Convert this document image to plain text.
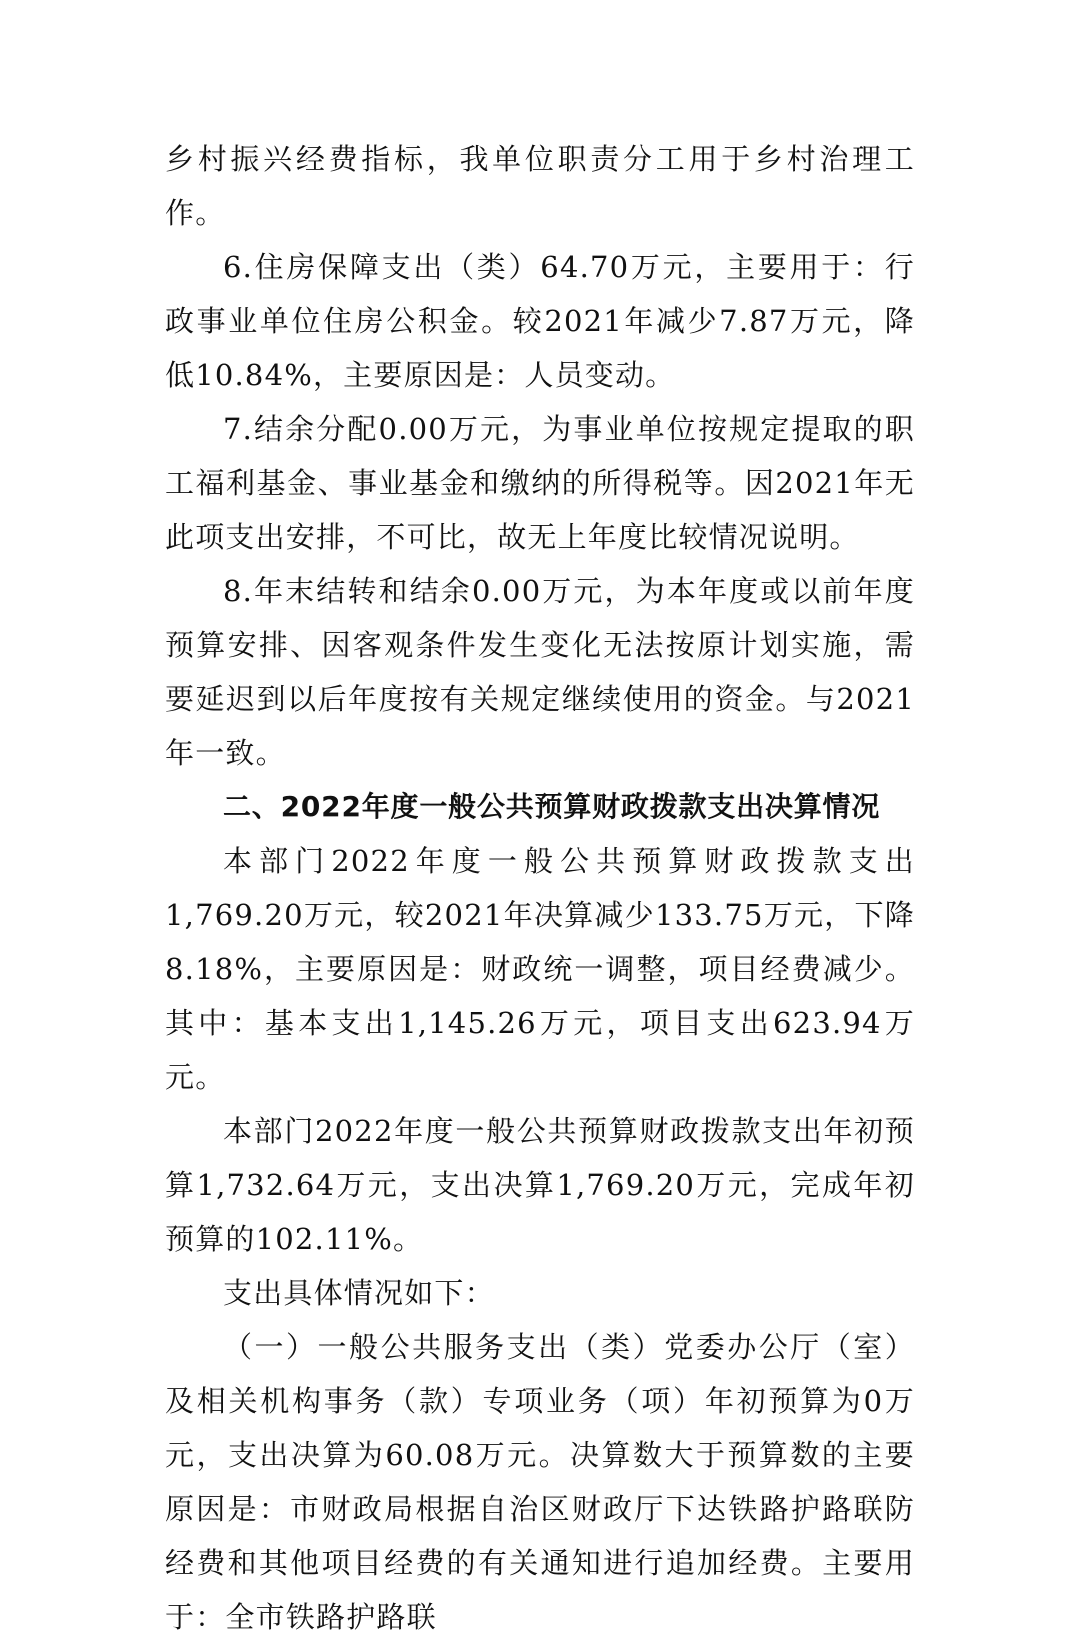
乡村振兴经费指标，我单位职责分工用于乡村治理工作。

6.住房保障支出（类）64.70万元，主要用于：行政事业单位住房公积金。较2021年减少7.87万元，降低10.84%，主要原因是：人员变动。

7.结余分配0.00万元，为事业单位按规定提取的职工福利基金、事业基金和缴纳的所得税等。因2021年无此项支出安排，不可比，故无上年度比较情况说明。

8.年末结转和结余0.00万元，为本年度或以前年度预算安排、因客观条件发生变化无法按原计划实施，需要延迟到以后年度按有关规定继续使用的资金。与2021年一致。

二、2022年度一般公共预算财政拨款支出决算情况

本部门2022年度一般公共预算财政拨款支出1,769.20万元，较2021年决算减少133.75万元，下降8.18%，主要原因是：财政统一调整，项目经费减少。 其中：基本支出1,145.26万元，项目支出623.94万元。

本部门2022年度一般公共预算财政拨款支出年初预算1,732.64万元，支出决算1,769.20万元，完成年初预算的102.11%。

支出具体情况如下：

（一）一般公共服务支出（类）党委办公厅（室）及相关机构事务（款）专项业务（项）年初预算为0万元，支出决算为60.08万元。决算数大于预算数的主要原因是：市财政局根据自治区财政厅下达铁路护路联防经费和其他项目经费的有关通知进行追加经费。主要用于：全市铁路护路联
